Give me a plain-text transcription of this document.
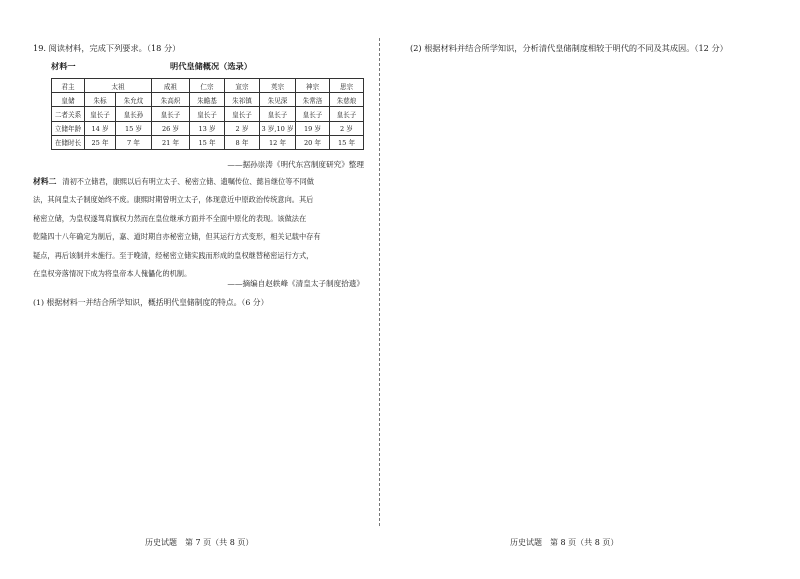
19. 阅读材料，完成下列要求。（18 分）
材料一	明代皇储概况（选录）
君主	太祖		成祖	仁宗	宣宗	英宗	神宗	思宗
皇储	朱标	朱允炆	朱高炽	朱瞻基	朱祁镇	朱见深	朱常洛	朱慈烺
二者关系	皇长子	皇长孙	皇长子	皇长子	皇长子	皇长子	皇长子	皇长子
立储年龄	14 岁	15 岁	26 岁	13 岁	2 岁	3 岁,10 岁	19 岁	2 岁
在储时长	25 年	7 年	21 年	15 年	8 年	12 年	20 年	15 年
——据孙崇涛《明代东宫制度研究》整理
材料二 清初不立储君，康熙以后有明立太子、秘密立储、遗嘱传位、懿旨继位等不同做
法，其间皇太子制度始终不废。康熙时期曾明立太子，体现意近中原政治传统意向。其后
秘密立储，为皇权遂驾肩旗权力然而在皇位继承方面并不全面中原化的表现。该做法在
乾隆四十八年确定为制后，嘉、道时期自亦秘密立储，但其运行方式变形，相关记载中存有
疑点，再后该制并未施行。至于晚清，经秘密立储实践而形成的皇权继替秘密运行方式，
在皇权旁落情况下成为将皇帝本人傀儡化的机制。
——摘编自赵轶峰《清皇太子制度拾遗》
(1) 根据材料一并结合所学知识，概括明代皇储制度的特点。（6 分）
历史试题　第 7 页（共 8 页）
(2) 根据材料并结合所学知识，分析清代皇储制度相较于明代的不同及其成因。（12 分）
历史试题　第 8 页（共 8 页）
